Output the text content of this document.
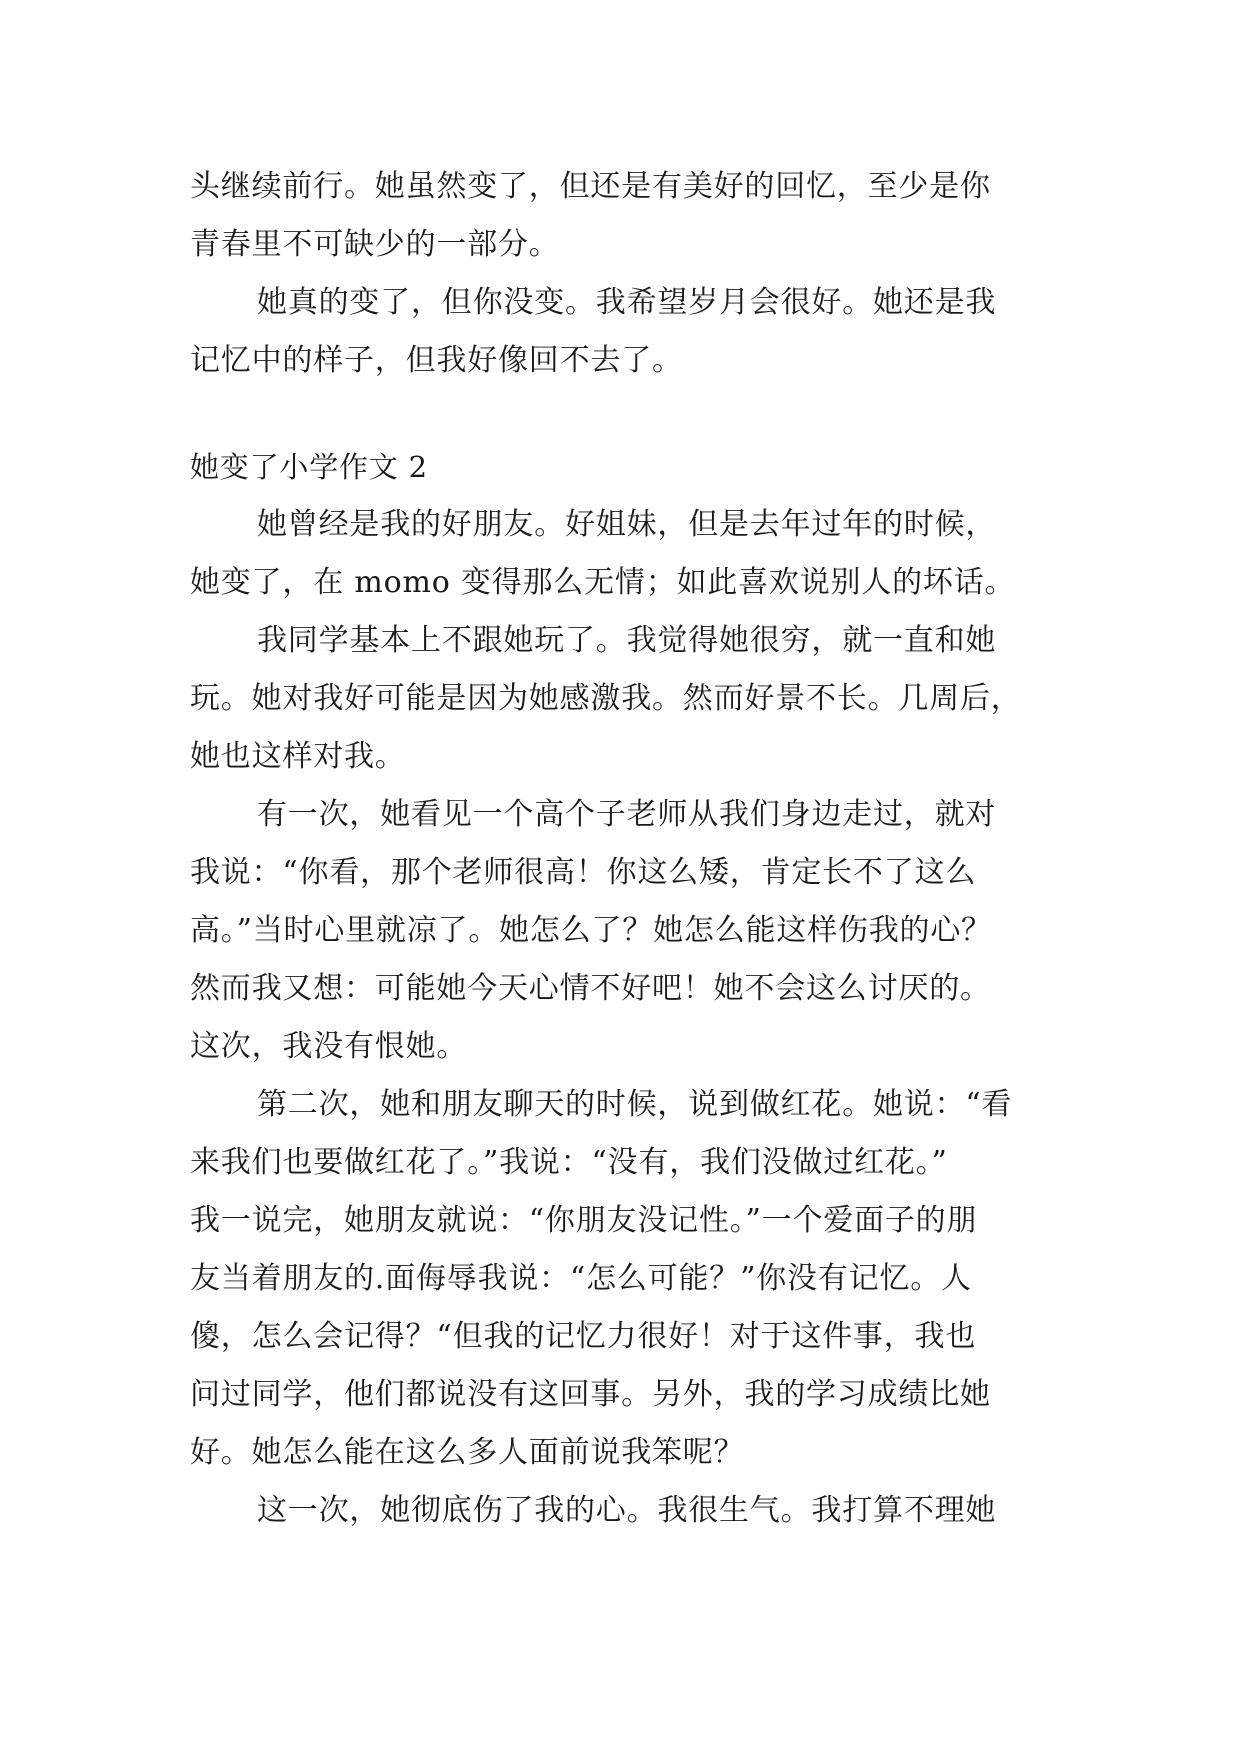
头继续前行。她虽然变了，但还是有美好的回忆，至少是你
青春里不可缺少的一部分。
她真的变了，但你没变。我希望岁月会很好。她还是我
记忆中的样子，但我好像回不去了。
她变了小学作文 2
她曾经是我的好朋友。好姐妹，但是去年过年的时候，
她变了，在 momo 变得那么无情；如此喜欢说别人的坏话。
我同学基本上不跟她玩了。我觉得她很穷，就一直和她
玩。她对我好可能是因为她感激我。然而好景不长。几周后，
她也这样对我。
有一次，她看见一个高个子老师从我们身边走过，就对
我说：“你看，那个老师很高！你这么矮，肯定长不了这么
高。”当时心里就凉了。她怎么了？她怎么能这样伤我的心？
然而我又想：可能她今天心情不好吧！她不会这么讨厌的。
这次，我没有恨她。
第二次，她和朋友聊天的时候，说到做红花。她说：“看
来我们也要做红花了。”我说：“没有，我们没做过红花。”
我一说完，她朋友就说：“你朋友没记性。”一个爱面子的朋
友当着朋友的.面侮辱我说：“怎么可能？”你没有记忆。人
傻，怎么会记得？“但我的记忆力很好！对于这件事，我也
问过同学，他们都说没有这回事。另外，我的学习成绩比她
好。她怎么能在这么多人面前说我笨呢？
这一次，她彻底伤了我的心。我很生气。我打算不理她
